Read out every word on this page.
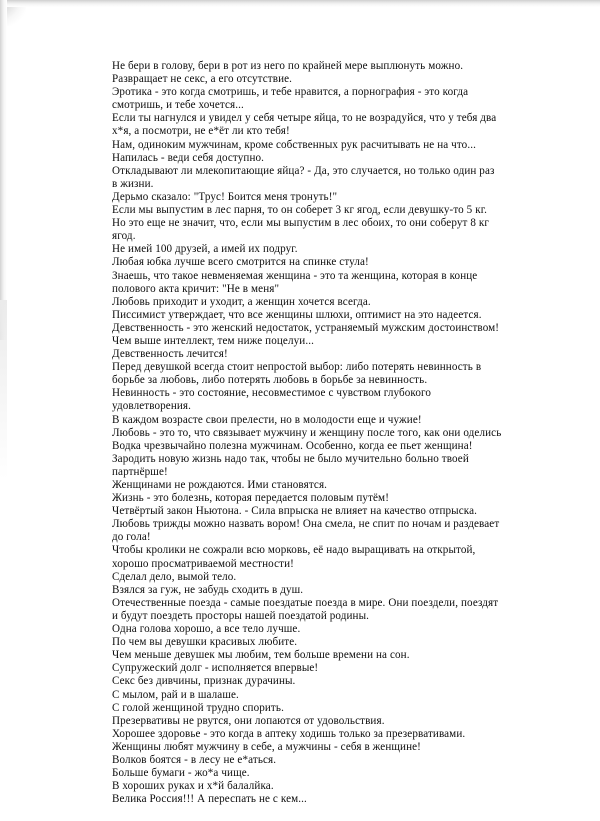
Не бери в голову, бери в рот из него по крайней мере выплюнуть можно.

Развращает не секс, а его отсутствие.

Эротика - это когда смотришь, и тебе нравится, а порнография - это когда смотришь, и тебе хочется...

Если ты нагнулся и увидел у себя четыре яйца, то не возрадуйся, что у тебя два х*я, а посмотри, не е*ёт ли кто тебя!

Нам, одиноким мужчинам, кроме собственных рук расчитывать не на что...

Напилась - веди себя доступно.

Откладывают ли млекопитающие яйца? - Да, это случается, но только один раз в жизни.

Дерьмо сказало: "Трус! Боится меня тронуть!"

Если мы выпустим в лес парня, то он соберет 3 кг ягод, если девушку-то 5 кг. Но это еще не значит, что, если мы выпустим в лес обоих, то они соберут 8 кг ягод.

Не имей 100 друзей, а имей их подруг.

Любая юбка лучше всего смотрится на спинке стула!

Знаешь, что такое невменяемая женщина - это та женщина, которая в конце полового акта кричит: "Не в меня"

Любовь приходит и уходит, а женщин хочется всегда.

Пиccимист утверждает, что все женщины шлюхи, оптимист на это надеется.

Девственность - это женский недостаток, устраняемый мужским достоинством!

Чем выше интеллект, тем ниже поцелуи...

Девственность лечится!

Перед девушкой всегда стоит непростой выбор: либо потерять невинность в борьбе за любовь, либо потерять любовь в борьбе за невинность.

Невинность - это состояние, несовместимое с чувством глубокого удовлетворения.

В каждом возрасте свои прелести, но в молодости еще и чужие!

Любовь - это то, что связывает мужчину и женщину после того, как они оделись

Водка чрезвычайно полезна мужчинам. Особенно, когда ее пьет женщина!

Зародить новую жизнь надо так, чтобы не было мучительно больно твоей партнёрше!

Женщинами не рождаются. Ими становятся.

Жизнь - это болезнь, которая передается половым путём!

Четвёртый закон Ньютона. - Сила впрыска не влияет на качество отпрыска.

Любовь трижды можно назвать вором! Она смела, не спит по ночам и раздевает до гола!

Чтобы кролики не сожрали всю морковь, её надо выращивать на открытой, хорошо просматриваемой местности!

Сделал дело, вымой тело.

Взялся за гуж, не забудь сходить в душ.

Отечественные поезда - самые поездатые поезда в мире. Они поездели, поездят и будут поездеть просторы нашей поездатой родины.

Одна голова хорошо, а все тело лучше.

По чем вы девушки красивых любите.

Чем меньше девушек мы любим, тем больше времени на сон.

Супружеский долг - исполняется впервые!

Секс без дивчины, признак дурачины.

С мылом, рай и в шалаше.

С голой женщиной трудно спорить.

Презервативы не рвутся, они лопаются от удовольствия.

Хорошее здоровье - это когда в аптеку ходишь только за презервативами.

Женщины любят мужчину в себе, а мужчины - себя в женщине!

Волков боятся - в лесу не е*аться.

Больше бумаги - жо*а чище.

В хороших руках и х*й балалйка.

Велика Россия!!! А переспать не с кем...
